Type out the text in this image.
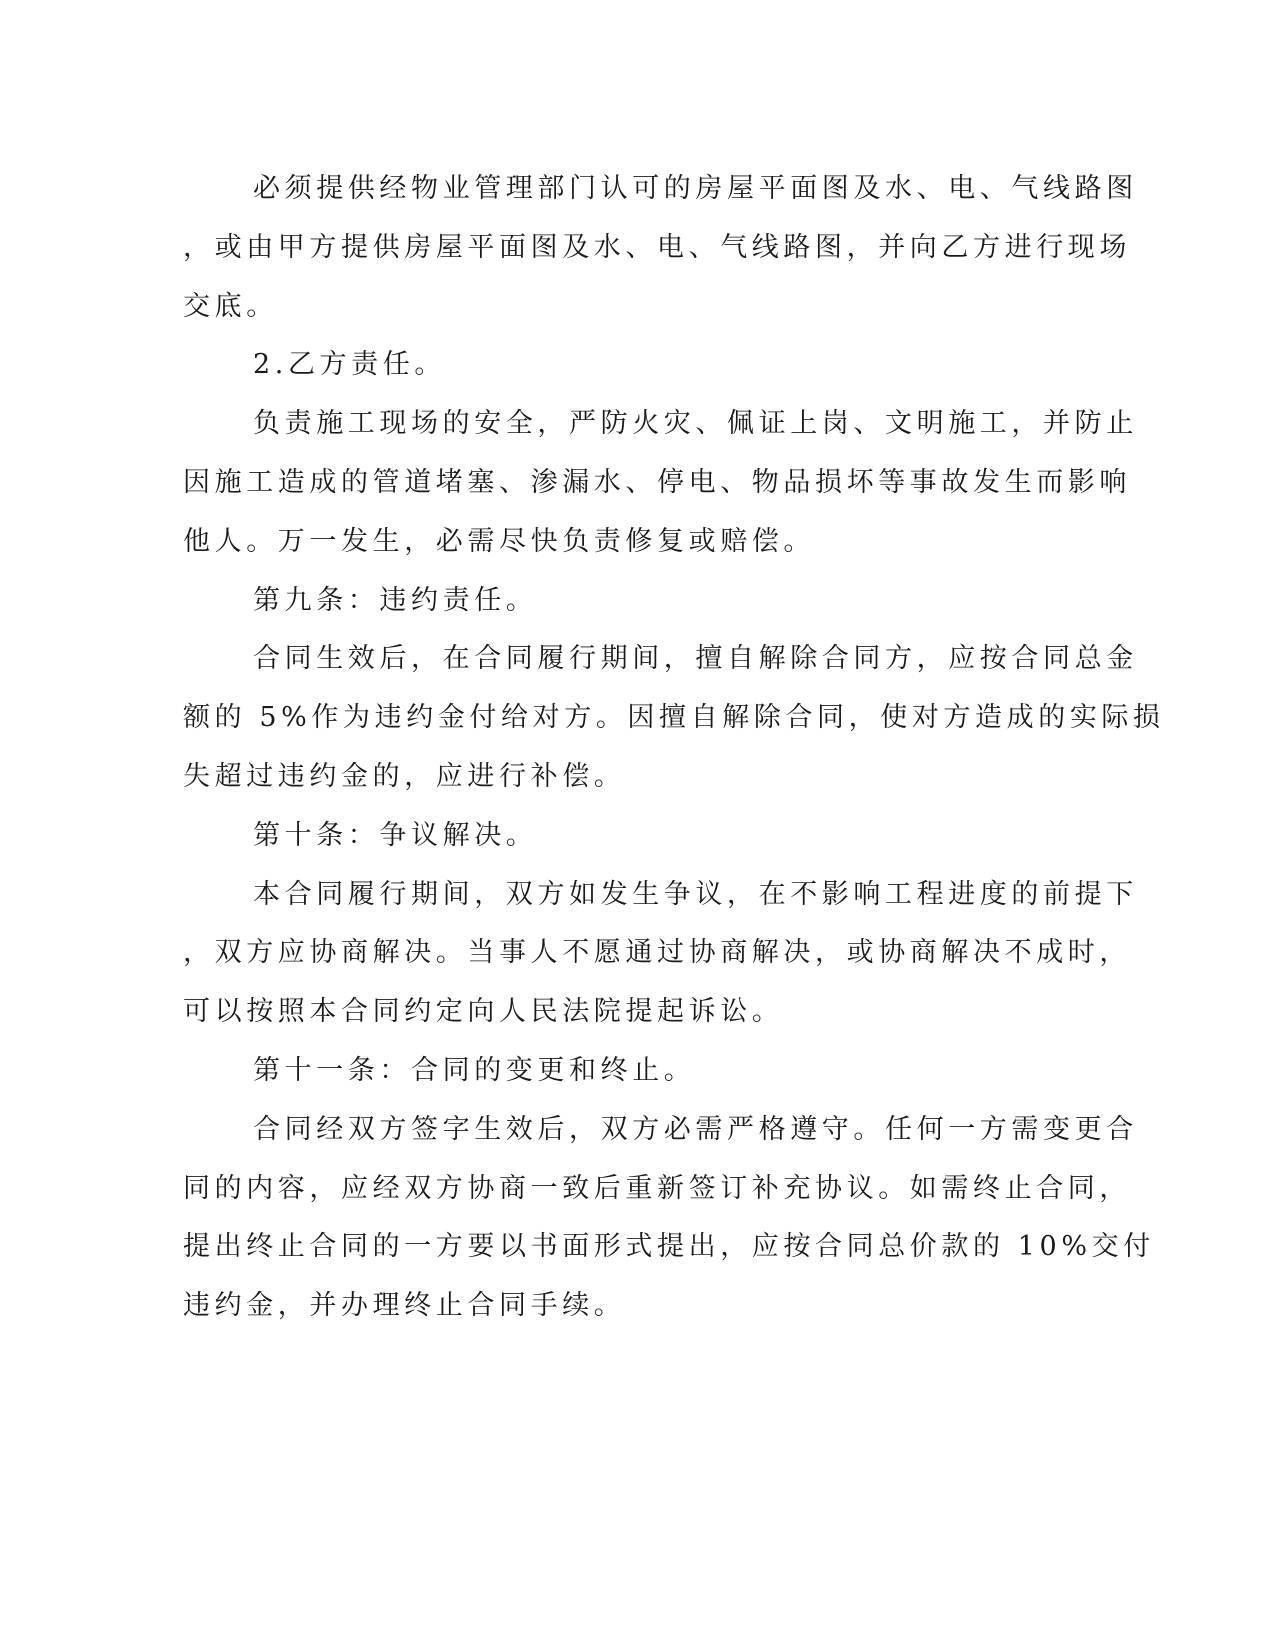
必须提供经物业管理部门认可的房屋平面图及水、电、气线路图
，或由甲方提供房屋平面图及水、电、气线路图，并向乙方进行现场
交底。
2.乙方责任。
负责施工现场的安全，严防火灾、佩证上岗、文明施工，并防止
因施工造成的管道堵塞、渗漏水、停电、物品损坏等事故发生而影响
他人。万一发生，必需尽快负责修复或赔偿。
第九条：违约责任。
合同生效后，在合同履行期间，擅自解除合同方，应按合同总金
额的 5%作为违约金付给对方。因擅自解除合同，使对方造成的实际损
失超过违约金的，应进行补偿。
第十条：争议解决。
本合同履行期间，双方如发生争议，在不影响工程进度的前提下
，双方应协商解决。当事人不愿通过协商解决，或协商解决不成时，
可以按照本合同约定向人民法院提起诉讼。
第十一条：合同的变更和终止。
合同经双方签字生效后，双方必需严格遵守。任何一方需变更合
同的内容，应经双方协商一致后重新签订补充协议。如需终止合同，
提出终止合同的一方要以书面形式提出，应按合同总价款的 10%交付
违约金，并办理终止合同手续。
